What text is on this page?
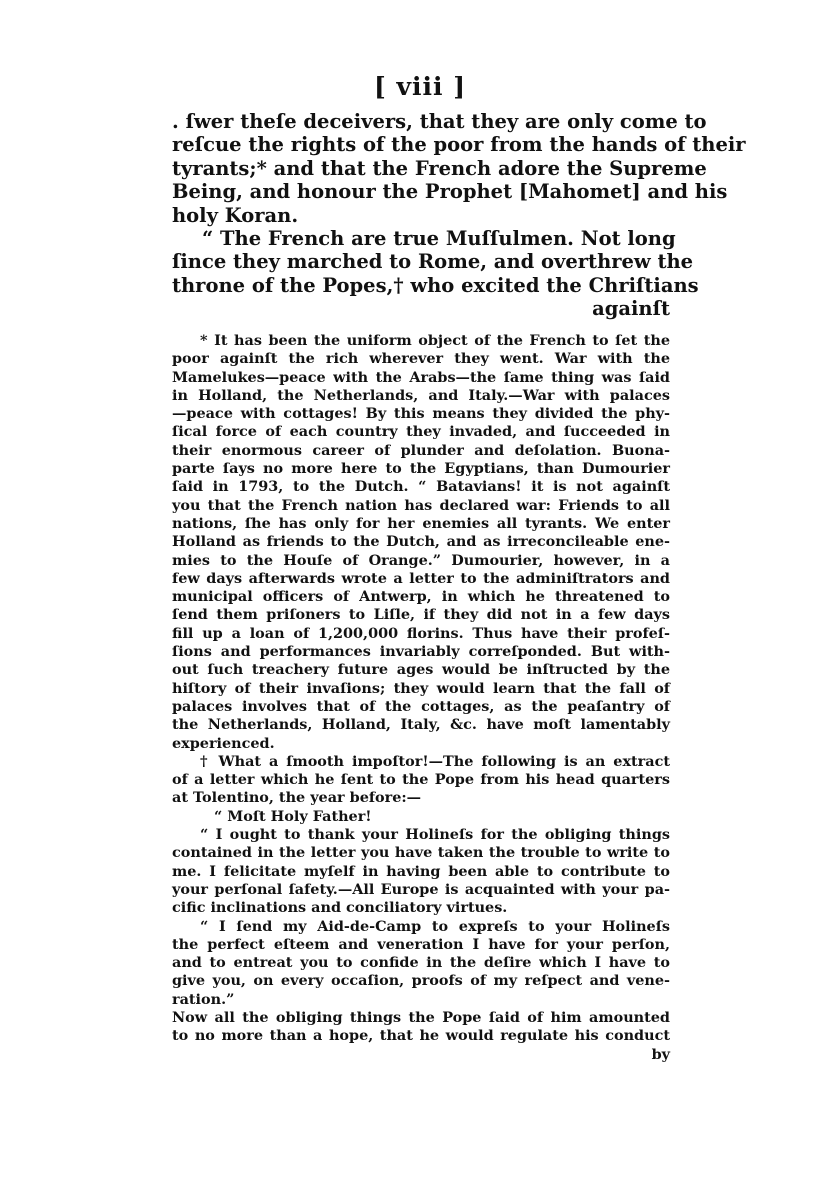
[ viii ]
. ſwer theſe deceivers, that they are only come to
reſcue the rights of the poor from the hands of their
tyrants;* and that the French adore the Supreme
Being, and honour the Prophet [Mahomet] and his
holy Koran.
“ The French are true Muſſulmen. Not long
ſince they marched to Rome, and overthrew the
throne of the Popes,† who excited the Chriſtians
againſt
* It has been the uniform object of the French to ſet the
poor againſt the rich wherever they went. War with the
Mamelukes—peace with the Arabs—the ſame thing was ſaid
in Holland, the Netherlands, and Italy.—War with palaces
—peace with cottages! By this means they divided the phy-
ſical force of each country they invaded, and ſucceeded in
their enormous career of plunder and deſolation. Buona-
parte ſays no more here to the Egyptians, than Dumourier
ſaid in 1793, to the Dutch. “ Batavians! it is not againſt
you that the French nation has declared war: Friends to all
nations, ſhe has only for her enemies all tyrants. We enter
Holland as friends to the Dutch, and as irreconcileable ene-
mies to the Houſe of Orange.” Dumourier, however, in a
few days afterwards wrote a letter to the adminiſtrators and
municipal officers of Antwerp, in which he threatened to
ſend them priſoners to Liſle, if they did not in a few days
fill up a loan of 1,200,000 florins. Thus have their profeſ-
ſions and performances invariably correſponded. But with-
out ſuch treachery future ages would be inſtructed by the
hiſtory of their invaſions; they would learn that the fall of
palaces involves that of the cottages, as the peaſantry of
the Netherlands, Holland, Italy, &c. have moſt lamentably
experienced.
† What a ſmooth impoſtor!—The following is an extract
of a letter which he ſent to the Pope from his head quarters
at Tolentino, the year before:—
“ Moſt Holy Father!
“ I ought to thank your Holineſs for the obliging things
contained in the letter you have taken the trouble to write to
me. I felicitate myſelf in having been able to contribute to
your perſonal ſafety.—All Europe is acquainted with your pa-
cific inclinations and conciliatory virtues.
“ I ſend my Aid-de-Camp to expreſs to your Holineſs
the perfect eſteem and veneration I have for your perſon,
and to entreat you to confide in the deſire which I have to
give you, on every occaſion, proofs of my reſpect and vene-
ration.”
Now all the obliging things the Pope ſaid of him amounted
to no more than a hope, that he would regulate his conduct
by
